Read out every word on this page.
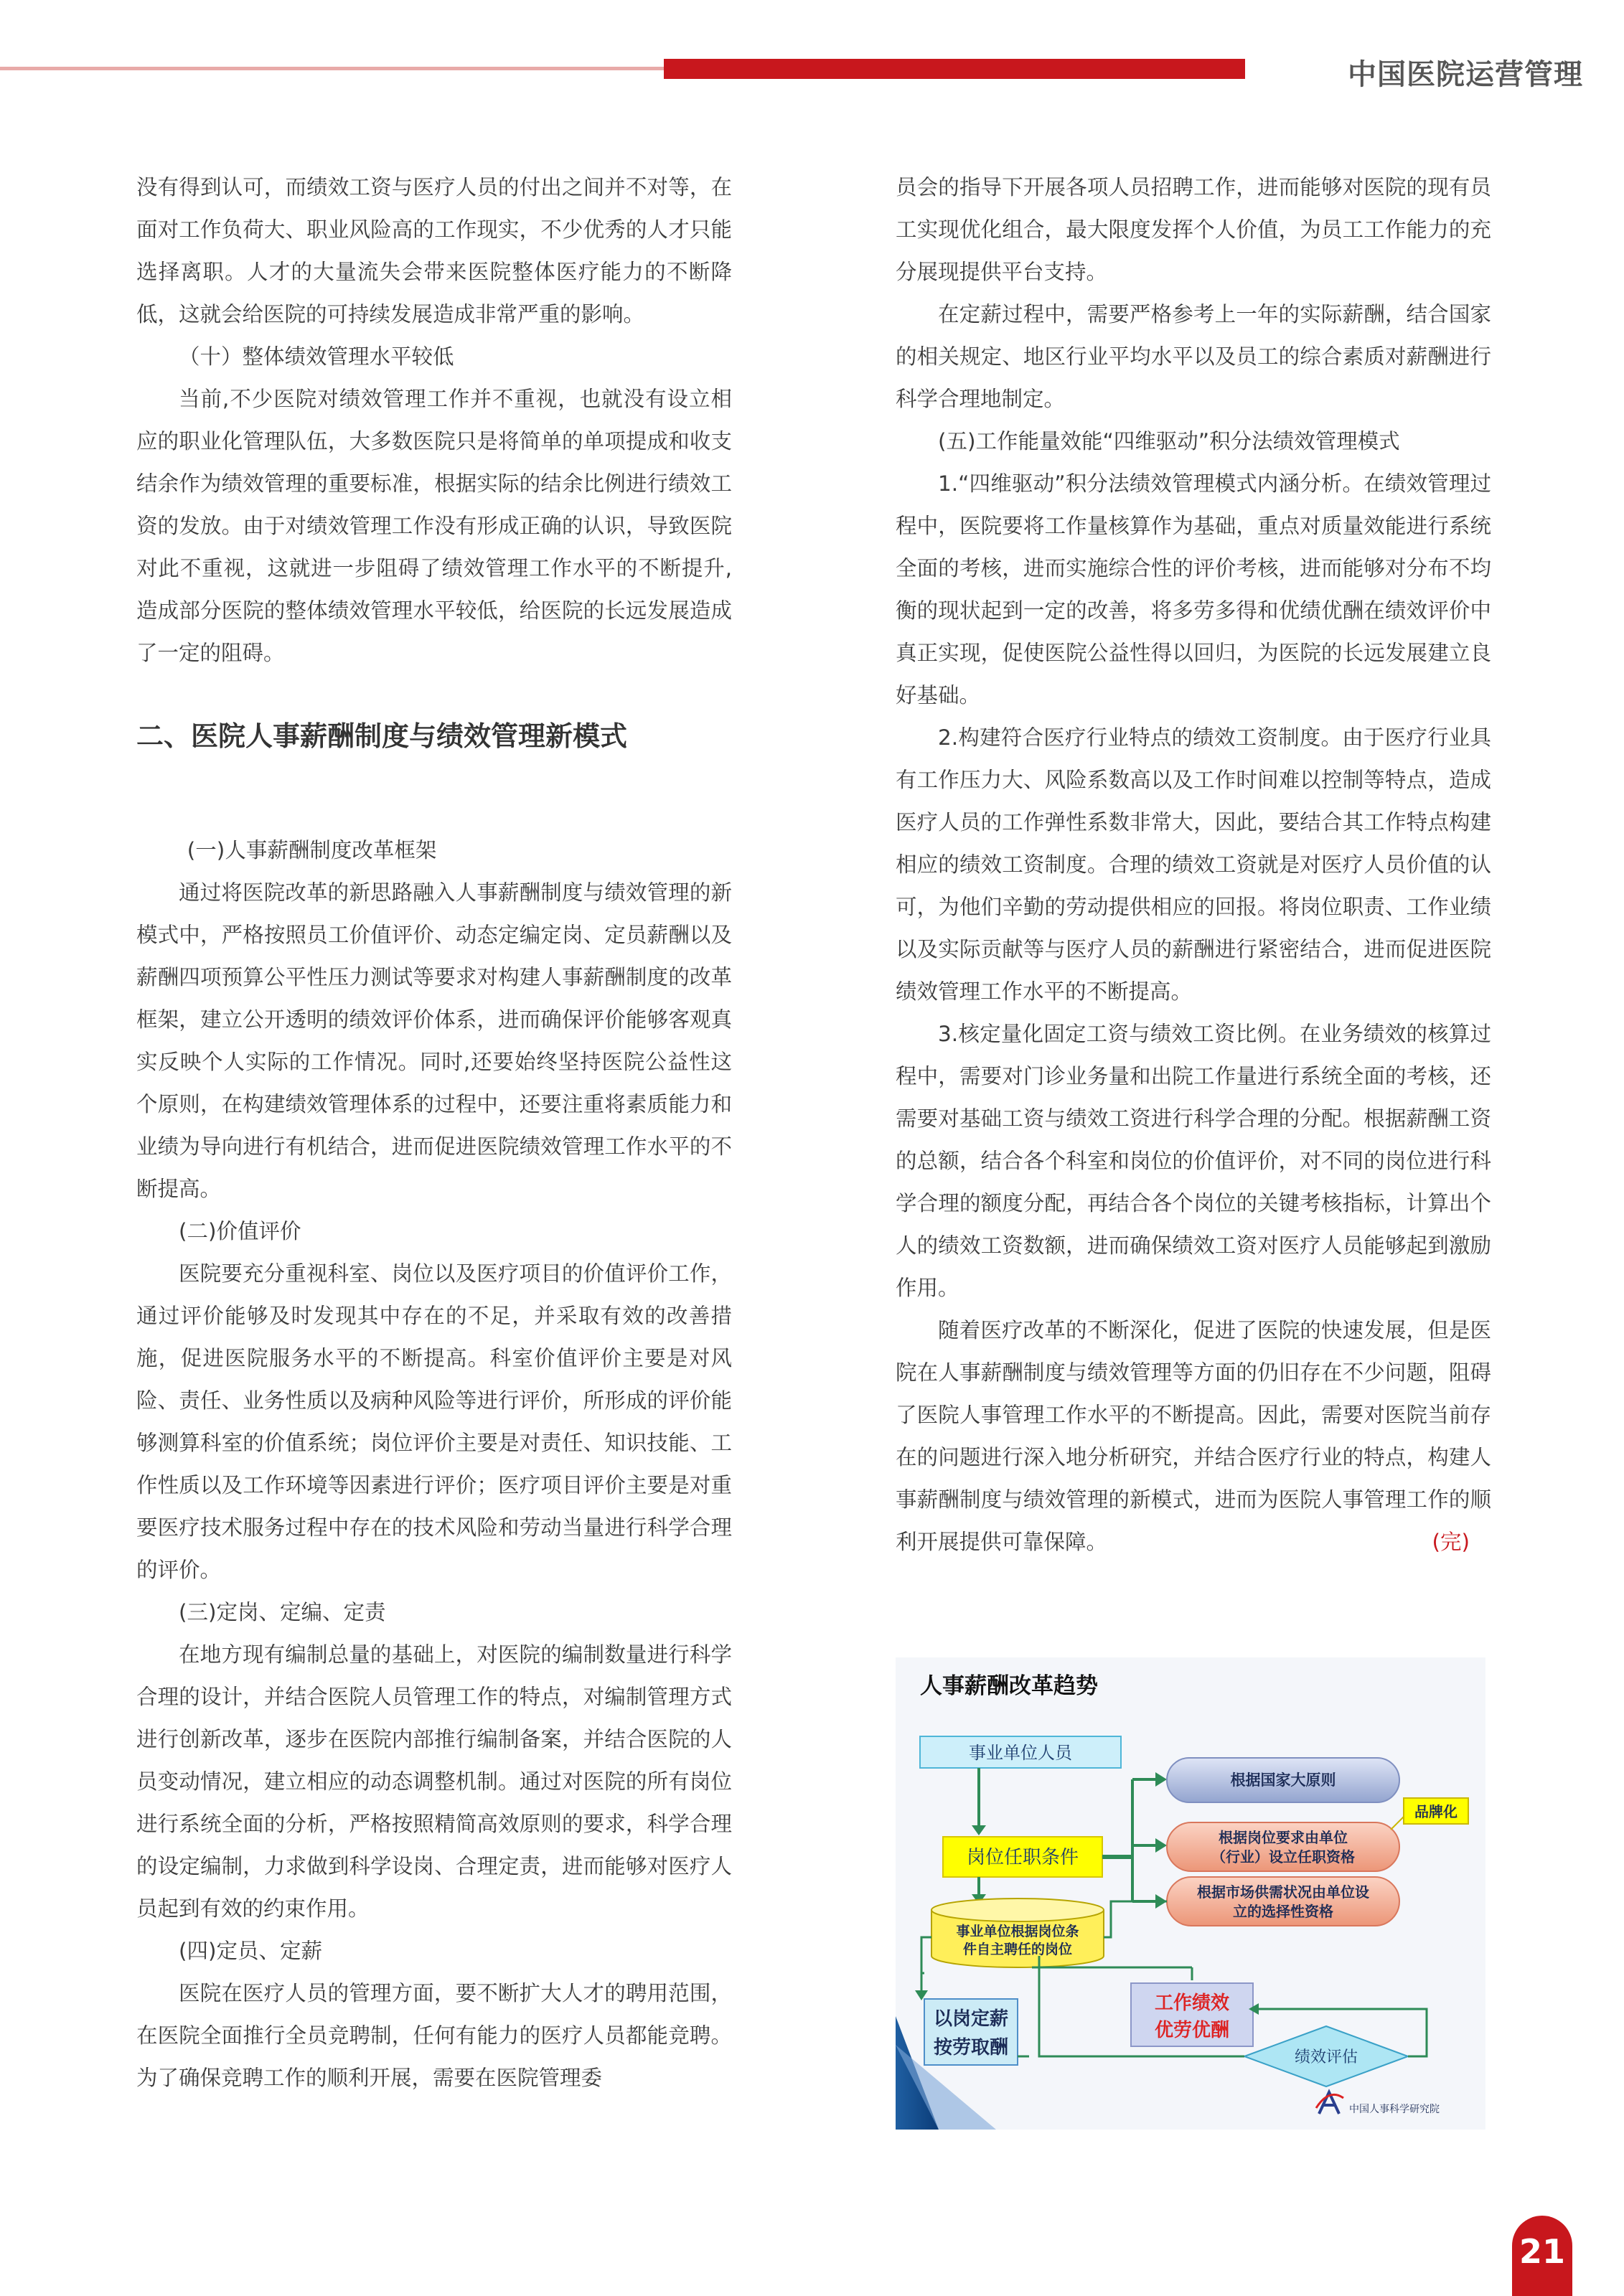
中国医院运营管理

没有得到认可，而绩效工资与医疗人员的付出之间并不对等，在面对工作负荷大、职业风险高的工作现实，不少优秀的人才只能选择离职。人才的大量流失会带来医院整体医疗能力的不断降低，这就会给医院的可持续发展造成非常严重的影响。

（十）整体绩效管理水平较低

当前,不少医院对绩效管理工作并不重视，也就没有设立相应的职业化管理队伍，大多数医院只是将简单的单项提成和收支结余作为绩效管理的重要标准，根据实际的结余比例进行绩效工资的发放。由于对绩效管理工作没有形成正确的认识，导致医院对此不重视，这就进一步阻碍了绩效管理工作水平的不断提升,造成部分医院的整体绩效管理水平较低，给医院的长远发展造成了一定的阻碍。

二、医院人事薪酬制度与绩效管理新模式

(一)人事薪酬制度改革框架

通过将医院改革的新思路融入人事薪酬制度与绩效管理的新模式中，严格按照员工价值评价、动态定编定岗、定员薪酬以及薪酬四项预算公平性压力测试等要求对构建人事薪酬制度的改革框架，建立公开透明的绩效评价体系，进而确保评价能够客观真实反映个人实际的工作情况。同时,还要始终坚持医院公益性这个原则，在构建绩效管理体系的过程中，还要注重将素质能力和业绩为导向进行有机结合，进而促进医院绩效管理工作水平的不断提高。

(二)价值评价

医院要充分重视科室、岗位以及医疗项目的价值评价工作，通过评价能够及时发现其中存在的不足，并采取有效的改善措施，促进医院服务水平的不断提高。科室价值评价主要是对风险、责任、业务性质以及病种风险等进行评价，所形成的评价能够测算科室的价值系统；岗位评价主要是对责任、知识技能、工作性质以及工作环境等因素进行评价；医疗项目评价主要是对重要医疗技术服务过程中存在的技术风险和劳动当量进行科学合理的评价。

(三)定岗、定编、定责

在地方现有编制总量的基础上，对医院的编制数量进行科学合理的设计，并结合医院人员管理工作的特点，对编制管理方式进行创新改革，逐步在医院内部推行编制备案，并结合医院的人员变动情况，建立相应的动态调整机制。通过对医院的所有岗位进行系统全面的分析，严格按照精简高效原则的要求，科学合理的设定编制，力求做到科学设岗、合理定责，进而能够对医疗人员起到有效的约束作用。

(四)定员、定薪

医院在医疗人员的管理方面，要不断扩大人才的聘用范围，在医院全面推行全员竞聘制，任何有能力的医疗人员都能竞聘。为了确保竞聘工作的顺利开展，需要在医院管理委

员会的指导下开展各项人员招聘工作，进而能够对医院的现有员工实现优化组合，最大限度发挥个人价值，为员工工作能力的充分展现提供平台支持。

在定薪过程中，需要严格参考上一年的实际薪酬，结合国家的相关规定、地区行业平均水平以及员工的综合素质对薪酬进行科学合理地制定。

(五)工作能量效能“四维驱动”积分法绩效管理模式

1.“四维驱动”积分法绩效管理模式内涵分析。在绩效管理过程中，医院要将工作量核算作为基础，重点对质量效能进行系统全面的考核，进而实施综合性的评价考核，进而能够对分布不均衡的现状起到一定的改善，将多劳多得和优绩优酬在绩效评价中真正实现，促使医院公益性得以回归，为医院的长远发展建立良好基础。

2.构建符合医疗行业特点的绩效工资制度。由于医疗行业具有工作压力大、风险系数高以及工作时间难以控制等特点，造成医疗人员的工作弹性系数非常大，因此，要结合其工作特点构建相应的绩效工资制度。合理的绩效工资就是对医疗人员价值的认可，为他们辛勤的劳动提供相应的回报。将岗位职责、工作业绩以及实际贡献等与医疗人员的薪酬进行紧密结合，进而促进医院绩效管理工作水平的不断提高。

3.核定量化固定工资与绩效工资比例。在业务绩效的核算过程中，需要对门诊业务量和出院工作量进行系统全面的考核，还需要对基础工资与绩效工资进行科学合理的分配。根据薪酬工资的总额，结合各个科室和岗位的价值评价，对不同的岗位进行科学合理的额度分配，再结合各个岗位的关键考核指标，计算出个人的绩效工资数额，进而确保绩效工资对医疗人员能够起到激励作用。

随着医疗改革的不断深化，促进了医院的快速发展，但是医院在人事薪酬制度与绩效管理等方面的仍旧存在不少问题，阻碍了医院人事管理工作水平的不断提高。因此，需要对医院当前存在的问题进行深入地分析研究，并结合医疗行业的特点，构建人事薪酬制度与绩效管理的新模式，进而为医院人事管理工作的顺利开展提供可靠保障。	(完)

人事薪酬改革趋势
事业单位人员
岗位任职条件
根据国家大原则
根据岗位要求由单位
（行业）设立任职资格
根据市场供需状况由单位设
立的选择性资格
品牌化
事业单位根据岗位条
件自主聘任的岗位
以岗定薪
按劳取酬
工作绩效
优劳优酬
绩效评估
中国人事科学研究院
21
